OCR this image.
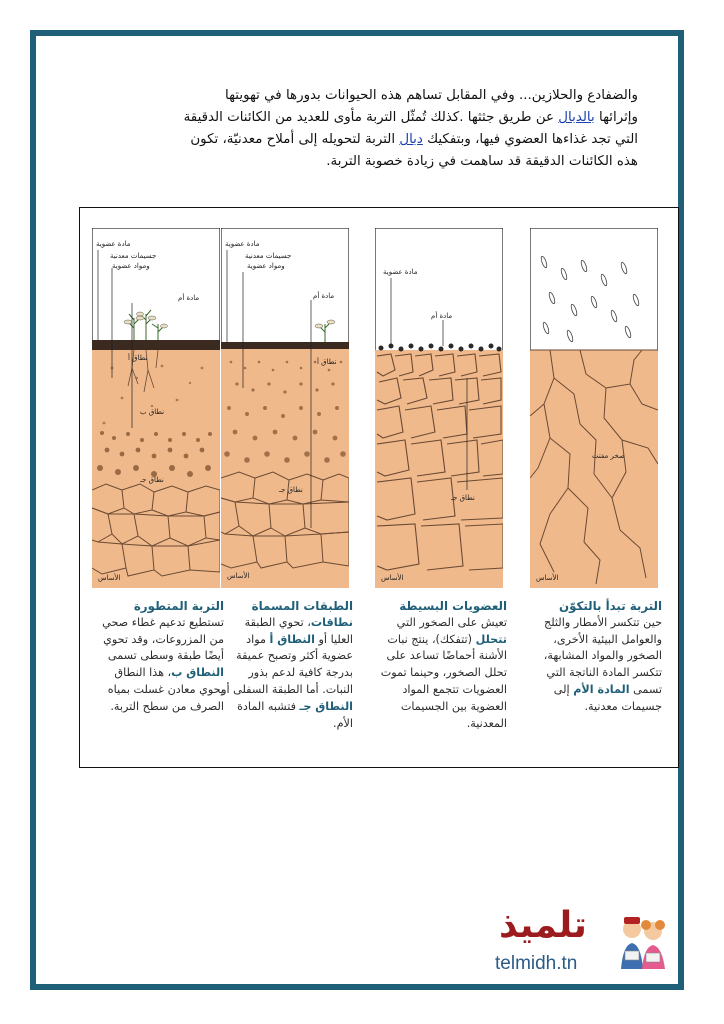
والضفادع والحلازين... وفي المقابل تساهم هذه الحيوانات بدورها في تهويتها

وإثرائها بالدبال عن طريق جثثها .كذلك تُمثّل التربة مأوى للعديد من الكائنات الدقيقة

التي تجد غذاءها العضوي فيها، وبتفكيك دبال التربة لتحويله إلى أملاح معدنيّة، تكون

هذه الكائنات الدقيقة قد ساهمت في زيادة خصوبة التربة.

مادة عضوية
جسيمات معدنية
ومواد عضوية
مادة أم
نطاق أ
نطاق ب
نطاق جـ
الأساس
مادة عضوية
جسيمات معدنية
ومواد عضوية
مادة أم
نطاق أ
نطاق جـ
الأساس
مادة عضوية
مادة أم
نطاق جـ
الأساس
صخر مفتت
الأساس
التربة المتطورة
تستطيع تدعيم غطاء صحي من المزروعات، وقد تحوي أيضًا طبقة وسطى تسمى النطاق ب، هذا النطاق يحوي معادن غسلت بمياه الصرف من سطح التربة.
الطبقات المسماة
نطاقات، تحوي الطبقة العليا أو النطاق أ مواد عضوية أكثر وتصبح عميقة بدرجة كافية لدعم بذور النبات. أما الطبقة السفلى أو النطاق جـ فتشبه المادة الأم.
العضويات البسيطة
تعيش على الصخور التي تتحلل (تتفكك)، ينتج نبات الأشنة أحماضًا تساعد على تحلل الصخور، وحينما تموت العضويات تتجمع المواد العضوية بين الجسيمات المعدنية.
التربة تبدأ بالتكوّن
حين تتكسر الأمطار والثلج والعوامل البيئية الأخرى، الصخور والمواد المشابهة، تتكسر المادة الناتجة التي تسمى المادة الأم إلى جسيمات معدنية.
تلميذ
telmidh.tn
